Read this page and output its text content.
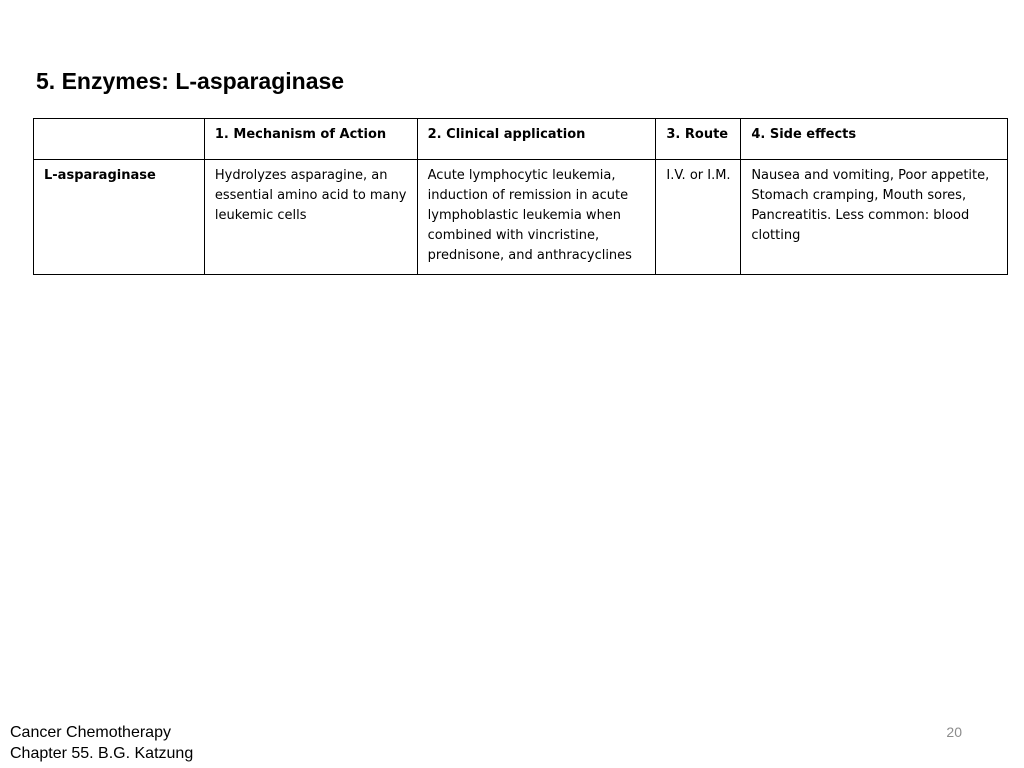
5. Enzymes: L-asparaginase
	1. Mechanism of Action	2. Clinical application	3. Route	4. Side effects
L-asparaginase	Hydrolyzes asparagine, an essential amino acid to many leukemic cells	Acute lymphocytic leukemia, induction of remission in acute lymphoblastic leukemia when combined with vincristine, prednisone, and anthracyclines	I.V. or I.M.	Nausea and vomiting, Poor appetite, Stomach cramping, Mouth sores, Pancreatitis. Less common: blood clotting
Cancer Chemotherapy
Chapter 55. B.G. Katzung
20
